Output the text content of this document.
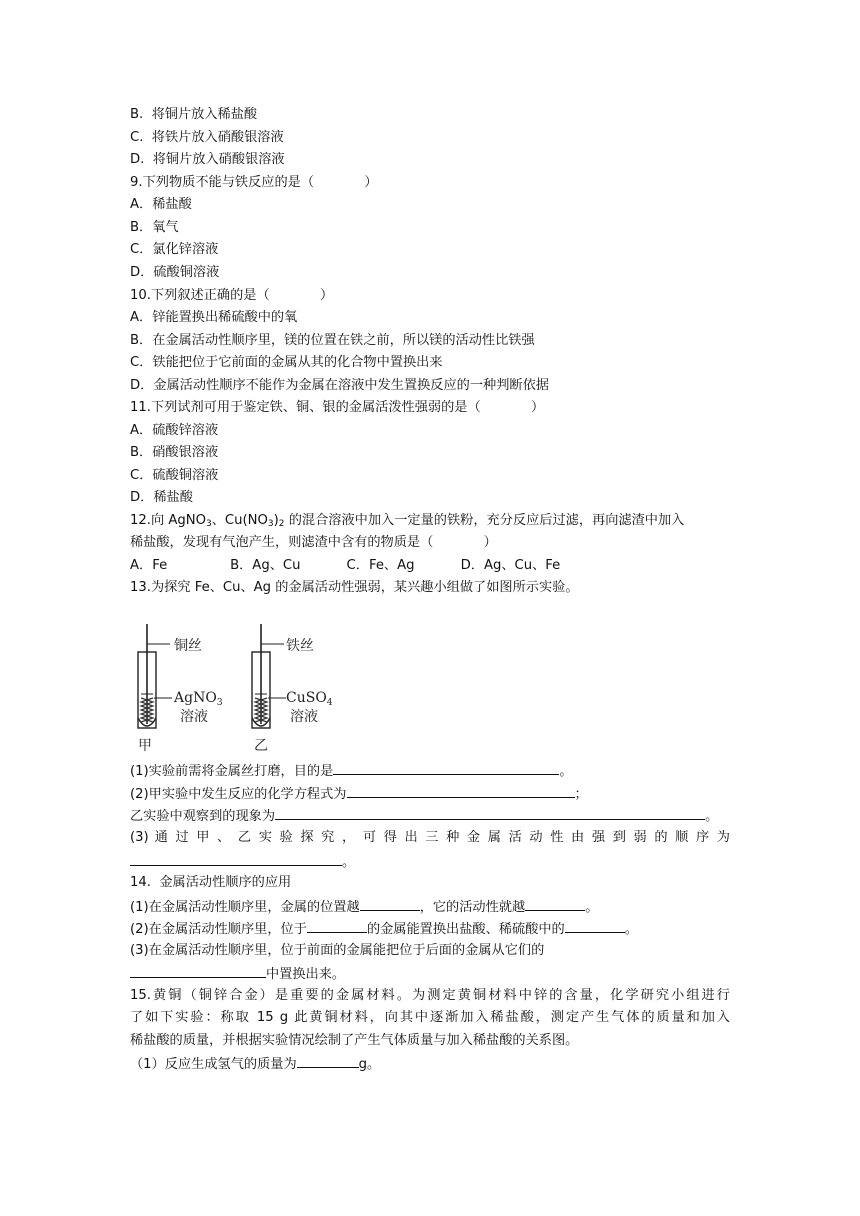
B.  将铜片放入稀盐酸
C.  将铁片放入硝酸银溶液
D.  将铜片放入硝酸银溶液
9.下列物质不能与铁反应的是（            ）
A．稀盐酸
B．氧气
C．氯化锌溶液
D．硫酸铜溶液
10.下列叙述正确的是（            ）
A．锌能置换出稀硫酸中的氧
B．在金属活动性顺序里，镁的位置在铁之前，所以镁的活动性比铁强
C．铁能把位于它前面的金属从其的化合物中置换出来
D．金属活动性顺序不能作为金属在溶液中发生置换反应的一种判断依据
11.下列试剂可用于鉴定铁、铜、银的金属活泼性强弱的是（            ）
A．硫酸锌溶液
B．硝酸银溶液
C．硫酸铜溶液
D．稀盐酸
12.向 AgNO$_3$、$Cu(NO_3)_2$ 的混合溶液中加入一定量的铁粉，充分反应后过滤，再向滤渣中加入
稀盐酸，发现有气泡产生，则滤渣中含有的物质是（            ）
A．Fe               B．Ag、Cu           C．Fe、Ag           D．Ag、Cu、Fe
13.为探究 Fe、Cu、Ag 的金属活动性强弱，某兴趣小组做了如图所示实验。
铜丝
AgNO$_3$
溶液
甲
铁丝
CuSO$_4$
溶液
乙
(1)实验前需将金属丝打磨，目的是	。
(2)甲实验中发生反应的化学方程式为	；
乙实验中观察到的现象为	。
(3) 通 过 甲 、 乙 实 验 探 究 ， 可 得 出 三 种 金 属 活 动 性 由 强 到 弱 的 顺 序 为
。
14.  金属活动性顺序的应用
(1)在金属活动性顺序里，金属的位置越	，它的活动性就越	。
(2)在金属活动性顺序里，位于	的金属能置换出盐酸、稀硫酸中的	。
(3)在金属活动性顺序里，位于前面的金属能把位于后面的金属从它们的
中置换出来。
15.黄铜（铜锌合金）是重要的金属材料。为测定黄铜材料中锌的含量，化学研究小组进行
了如下实验：称取 15 g 此黄铜材料，向其中逐渐加入稀盐酸，测定产生气体的质量和加入
稀盐酸的质量，并根据实验情况绘制了产生气体质量与加入稀盐酸的关系图。
（1）反应生成氢气的质量为	g。
